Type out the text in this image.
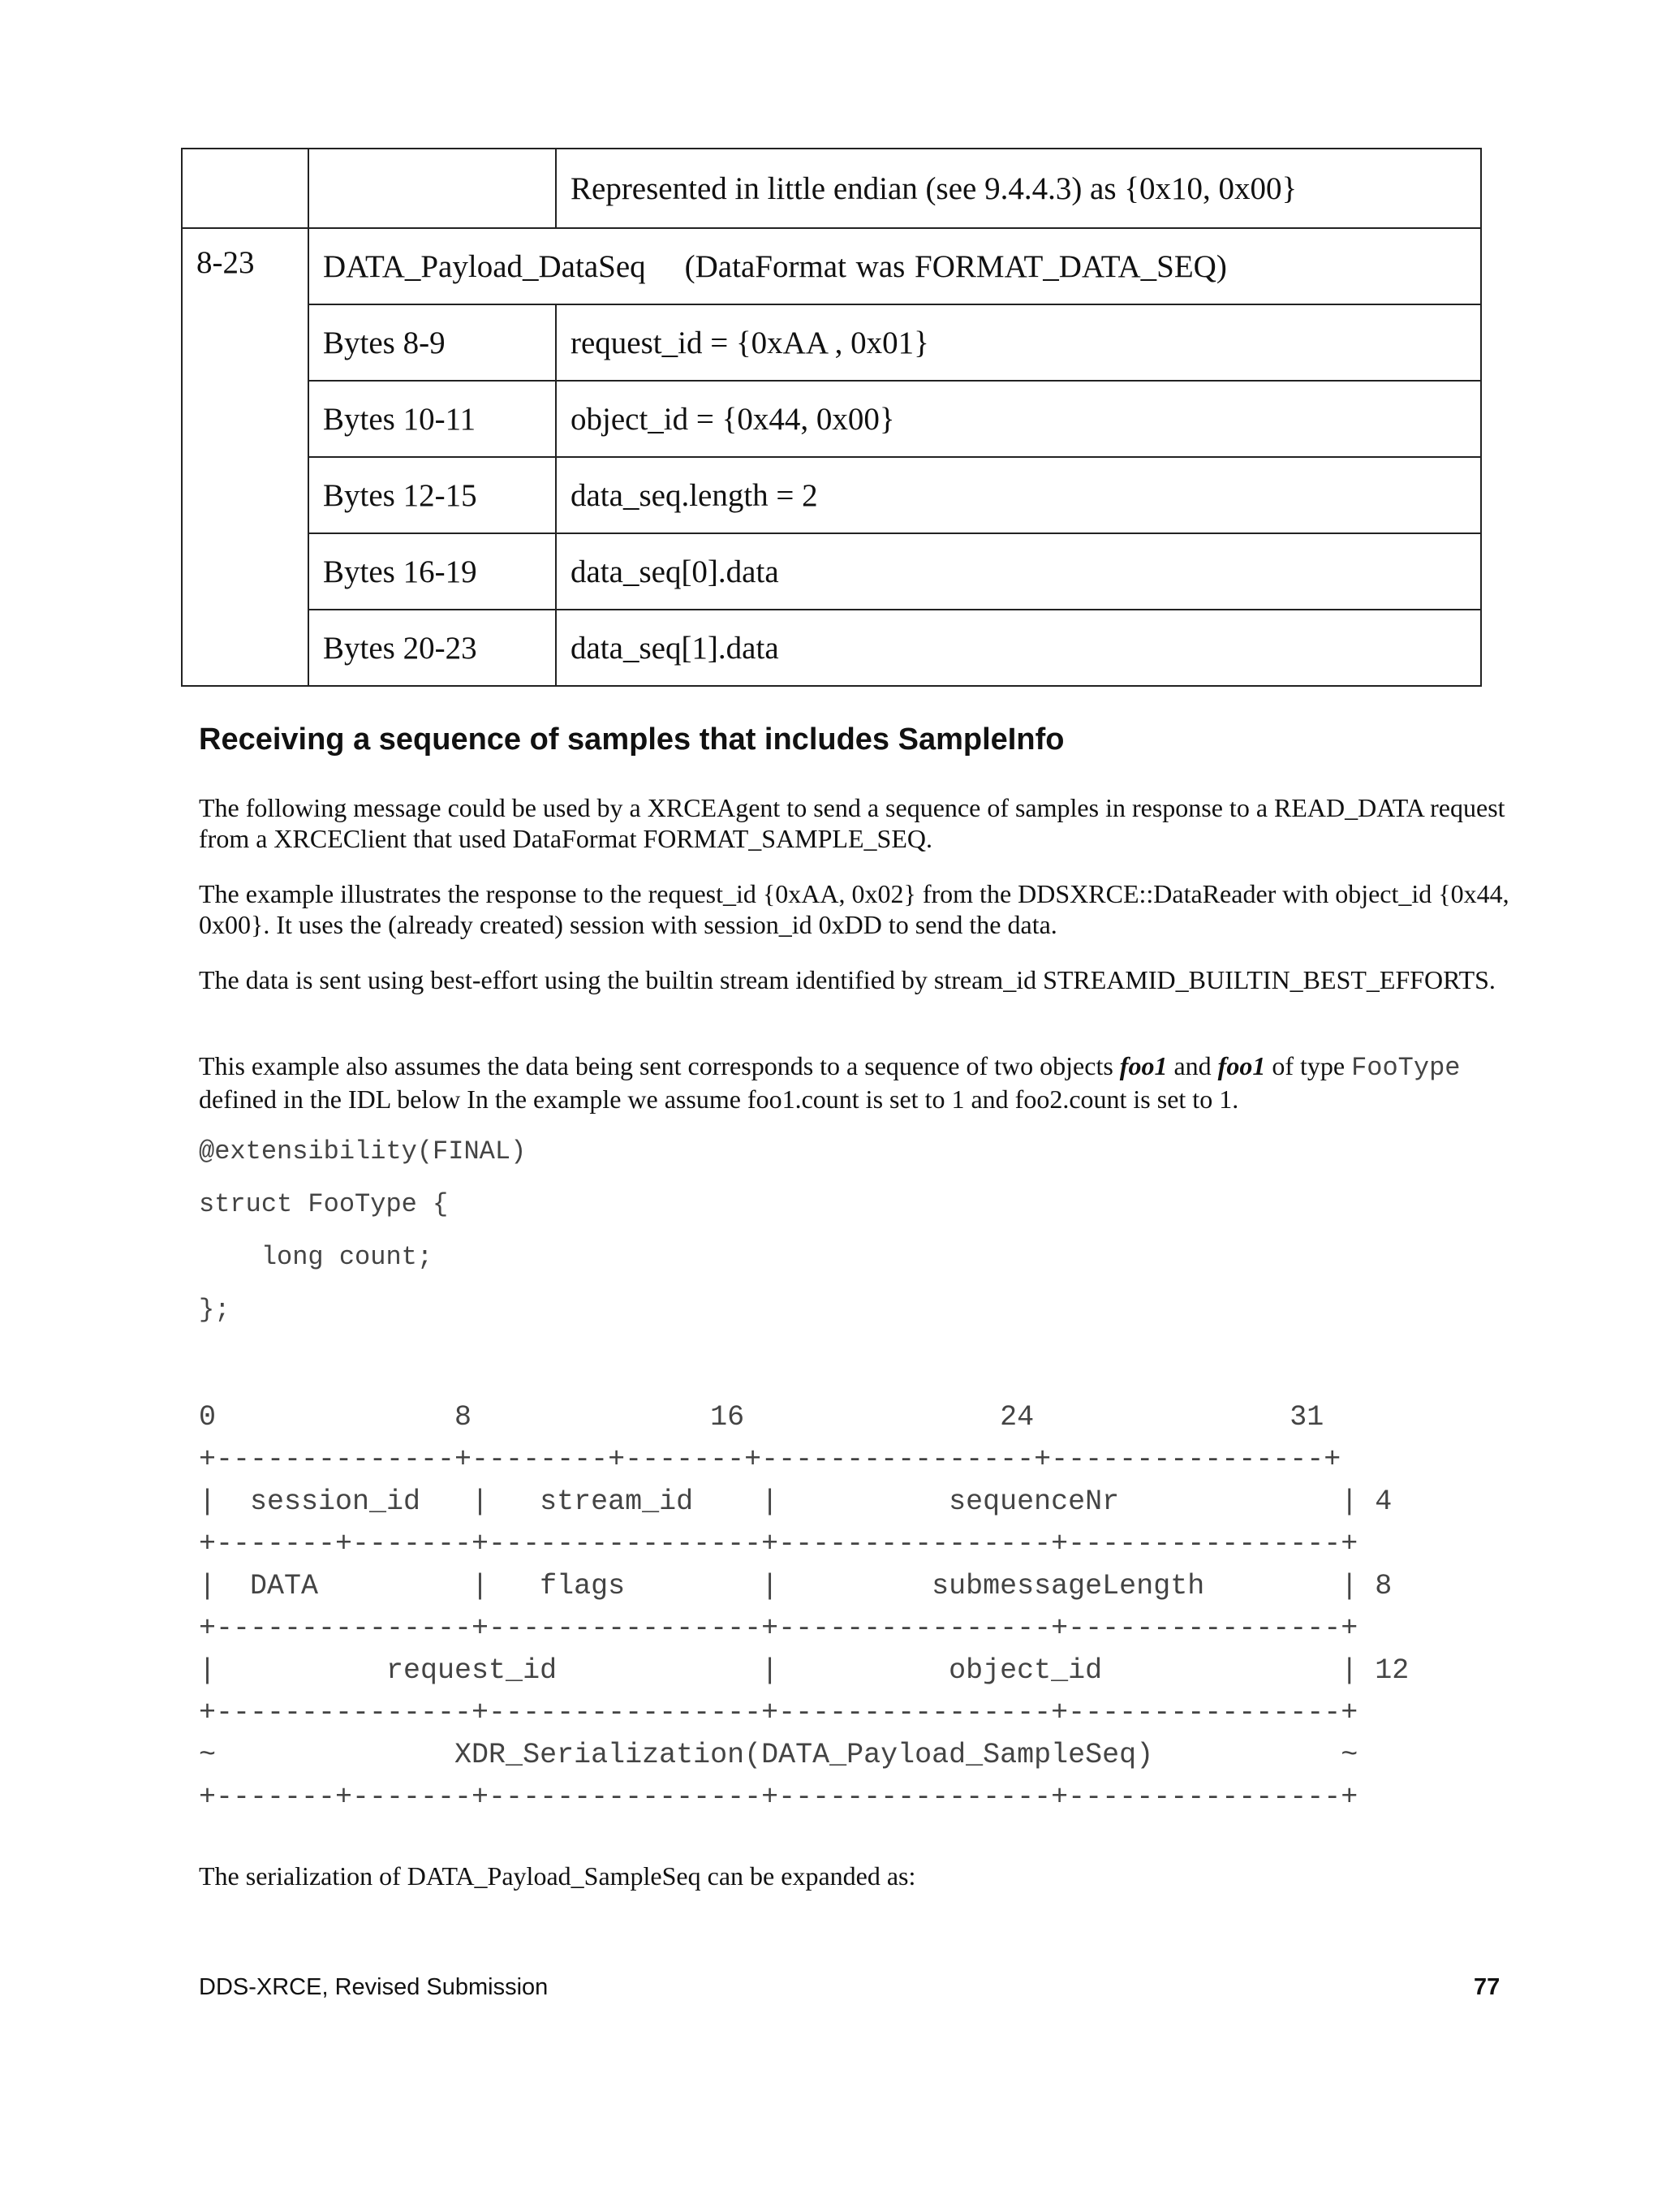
		Represented in little endian (see 9.4.4.3) as {0x10, 0x00}
8-23	DATA_Payload_DataSeq (DataFormat was FORMAT_DATA_SEQ)	
	Bytes 8-9	request_id = {0xAA , 0x01}
	Bytes 10-11	object_id = {0x44, 0x00}
	Bytes 12-15	data_seq.length = 2
	Bytes 16-19	data_seq[0].data
	Bytes 20-23	data_seq[1].data
Receiving a sequence of samples that includes SampleInfo

The following message could be used by a XRCEAgent to send a sequence of samples in response to a READ_DATA request from a XRCEClient that used DataFormat FORMAT_SAMPLE_SEQ.

The example illustrates the response to the request_id {0xAA, 0x02} from the DDSXRCE::DataReader with object_id {0x44, 0x00}. It uses the (already created) session with session_id 0xDD to send the data.

The data is sent using best-effort using the builtin stream identified by stream_id STREAMID_BUILTIN_BEST_EFFORTS.

This example also assumes the data being sent corresponds to a sequence of two objects foo1 and foo1 of type FooType defined in the IDL below In the example we assume foo1.count is set to 1 and foo2.count is set to 1.

@extensibility(FINAL)
struct FooType {
long count;
};
0              8              16               24               31
+--------------+--------+-------+----------------+----------------+
|  session_id   |   stream_id    |          sequenceNr             | 4
+-------+-------+----------------+----------------+----------------+
|  DATA         |   flags        |         submessageLength        | 8
+---------------+----------------+----------------+----------------+
|          request_id            |          object_id              | 12
+---------------+----------------+----------------+----------------+
~              XDR_Serialization(DATA_Payload_SampleSeq)           ~
+-------+-------+----------------+----------------+----------------+

The serialization of DATA_Payload_SampleSeq can be expanded as:

DDS-XRCE, Revised Submission	77
